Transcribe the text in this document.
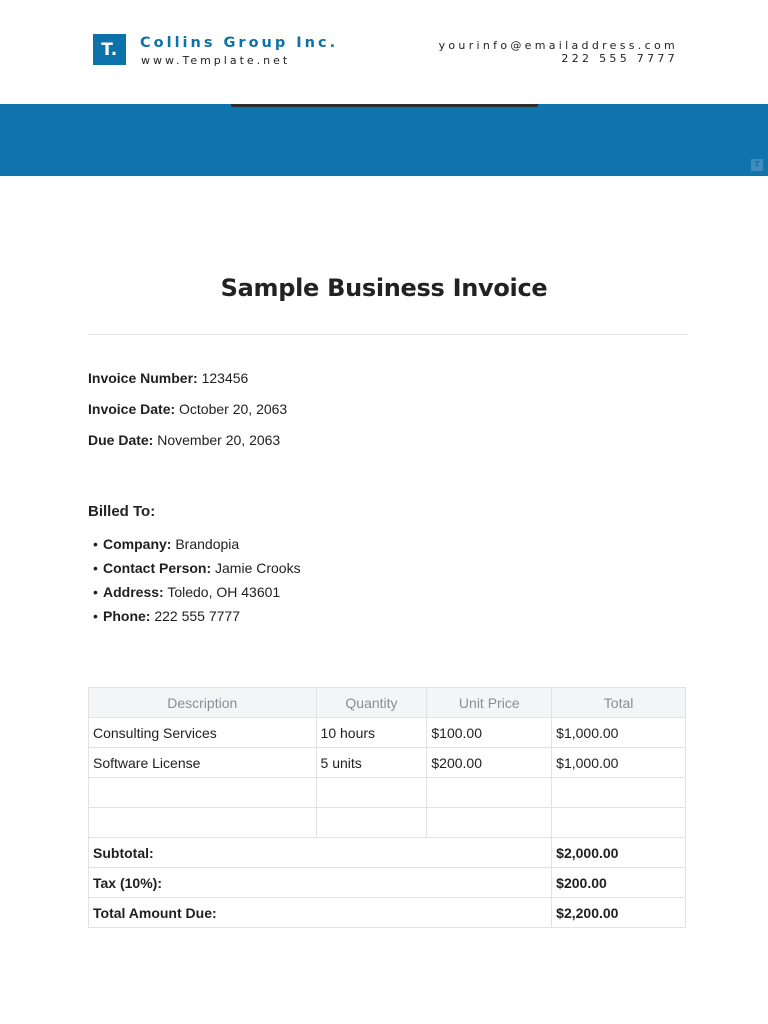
T.	Collins Group Inc.
www.Template.net
yourinfo@emailaddress.com
222 555 7777
T
Sample Business Invoice
Invoice Number: 123456
Invoice Date: October 20, 2063
Due Date: November 20, 2063
Billed To:
• Company: Brandopia
• Contact Person: Jamie Crooks
• Address: Toledo, OH 43601
• Phone: 222 555 7777
Description	Quantity	Unit Price	Total
Consulting Services	10 hours	$100.00	$1,000.00
Software License	5 units	$200.00	$1,000.00

Subtotal:			$2,000.00
Tax (10%):			$200.00
Total Amount Due:			$2,200.00
